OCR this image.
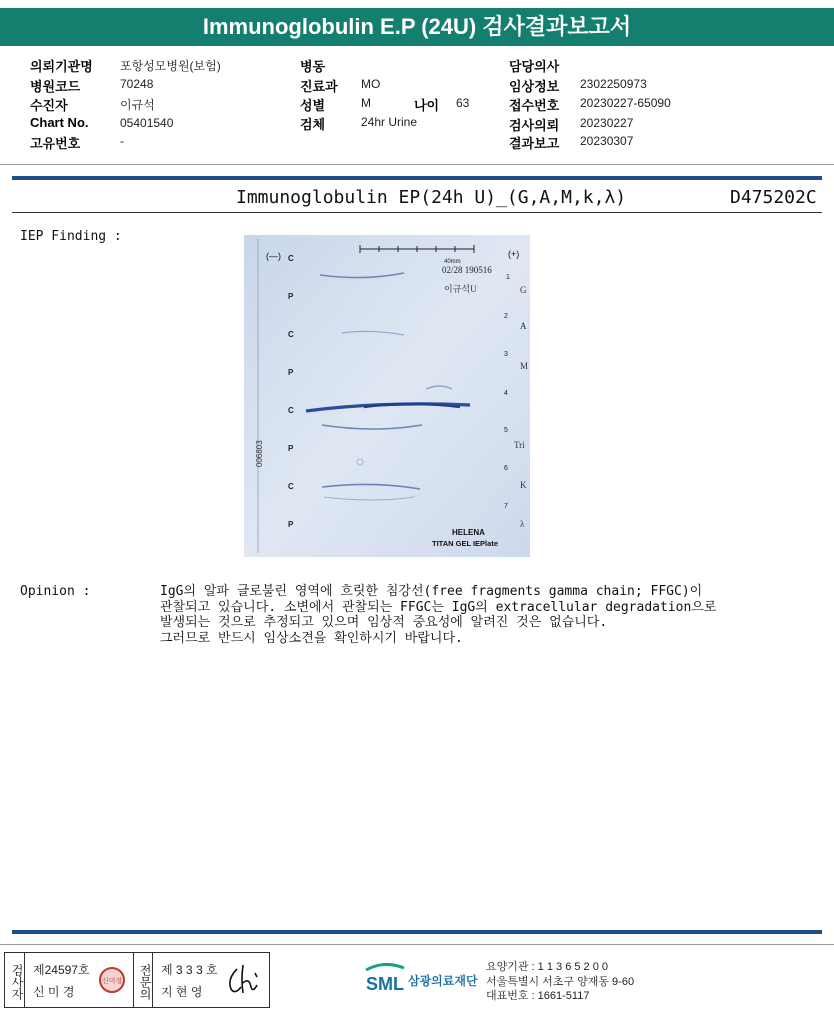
Immunoglobulin E.P (24U) 검사결과보고서
의뢰기관명 포항성모병원(보험)
병원코드	70248
수진자	이규석
Chart No.	05401540
고유번호	-
병동
진료과 MO
성별	M	나이 63
검체	24hr Urine
담당의사
임상정보 2302250973
접수번호 20230227-65090
검사의뢰 20230227
결과보고 20230307
Immunoglobulin EP(24h U)_(G,A,M,k,λ)	D475202C
IEP Finding :
40mm
02/28 190516
이규석U
(—)	(+)
C
P
C
P
C
P
C
P
1
2
3
4
5
6
7
G
A
M
Tri
K
λ
006803
HELENA
TITAN GEL IEPlate
Opinion :	IgG의 알파 글로불린 영역에 흐릿한 침강선(free fragments gamma chain; FFGC)이
관찰되고 있습니다. 소변에서 관찰되는 FFGC는 IgG의 extracellular degradation으로
발생되는 것으로 추정되고 있으며 임상적 중요성에 알려진 것은 없습니다.
그러므로 반드시 임상소견을 확인하시기 바랍니다.
검사자 제24597호
신 미 경
신미경	전문의 제 3 3 3 호
지 현 영	SML 삼광의료재단
요양기관 : 1 1 3 6 5 2 0 0
서울특별시 서초구 양재동 9-60
대표번호 : 1661-5117
